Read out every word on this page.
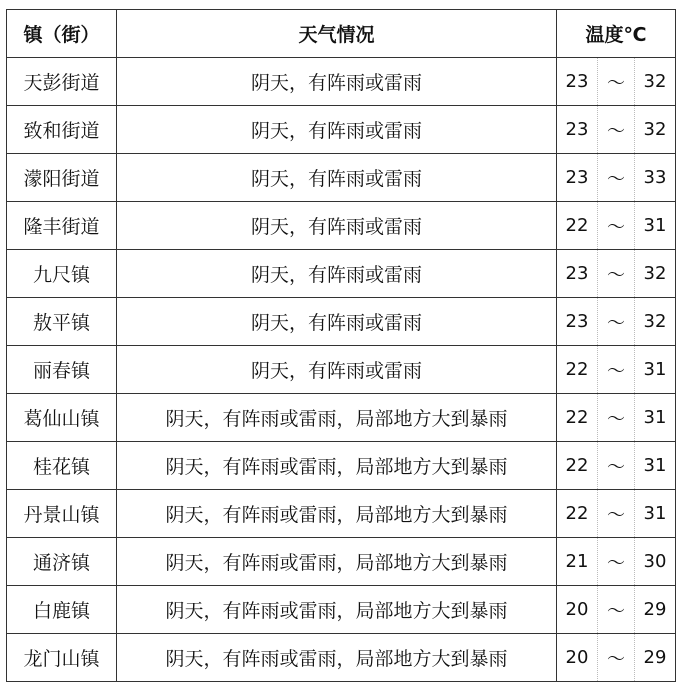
镇（街）	天气情况	温度℃		
天彭街道	阴天，有阵雨或雷雨	23	～	32
致和街道	阴天，有阵雨或雷雨	23	～	32
濛阳街道	阴天，有阵雨或雷雨	23	～	33
隆丰街道	阴天，有阵雨或雷雨	22	～	31
九尺镇	阴天，有阵雨或雷雨	23	～	32
敖平镇	阴天，有阵雨或雷雨	23	～	32
丽春镇	阴天，有阵雨或雷雨	22	～	31
葛仙山镇	阴天，有阵雨或雷雨，局部地方大到暴雨	22	～	31
桂花镇	阴天，有阵雨或雷雨，局部地方大到暴雨	22	～	31
丹景山镇	阴天，有阵雨或雷雨，局部地方大到暴雨	22	～	31
通济镇	阴天，有阵雨或雷雨，局部地方大到暴雨	21	～	30
白鹿镇	阴天，有阵雨或雷雨，局部地方大到暴雨	20	～	29
龙门山镇	阴天，有阵雨或雷雨，局部地方大到暴雨	20	～	29
